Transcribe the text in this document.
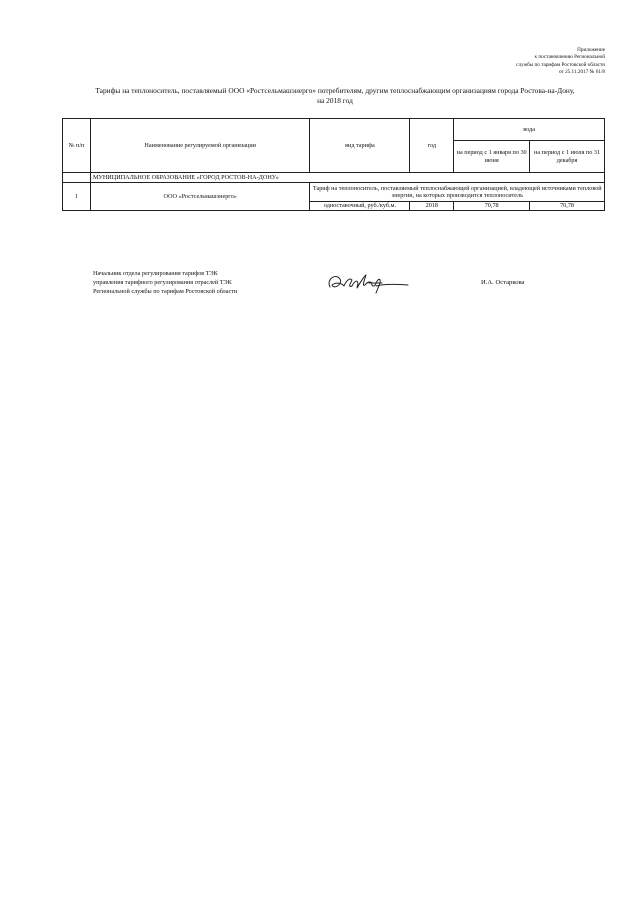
Приложение
к постановлению Региональной
службы по тарифам Ростовской области
от 25.11.2017 № 61/8
Тарифы на теплоноситель, поставляемый ООО «Ростсельмашэнерго» потребителям, другим теплоснабжающим организациям города Ростова-на-Дону,
на 2018 год
№ п/п	Наименование регулируемой организации	вид тарифа	год	вода	
				на период с 1 января по 30 июня	на период с 1 июля по 31 декабря
	МУНИЦИПАЛЬНОЕ ОБРАЗОВАНИЕ «ГОРОД РОСТОВ-НА-ДОНУ»				
1	ООО «Ростсельмашэнерго»	Тариф на теплоноситель, поставляемый теплоснабжающей организацией, владеющей источниками тепловой энергии, на которых производится теплоноситель			
		одноставочный, руб./куб.м.	2018	70,78	70,78
Начальник отдела регулирования тарифов ТЭК
управления тарифного регулирования отраслей ТЭК
Региональной службы по тарифам Ростовской области
И.А. Остаркова
